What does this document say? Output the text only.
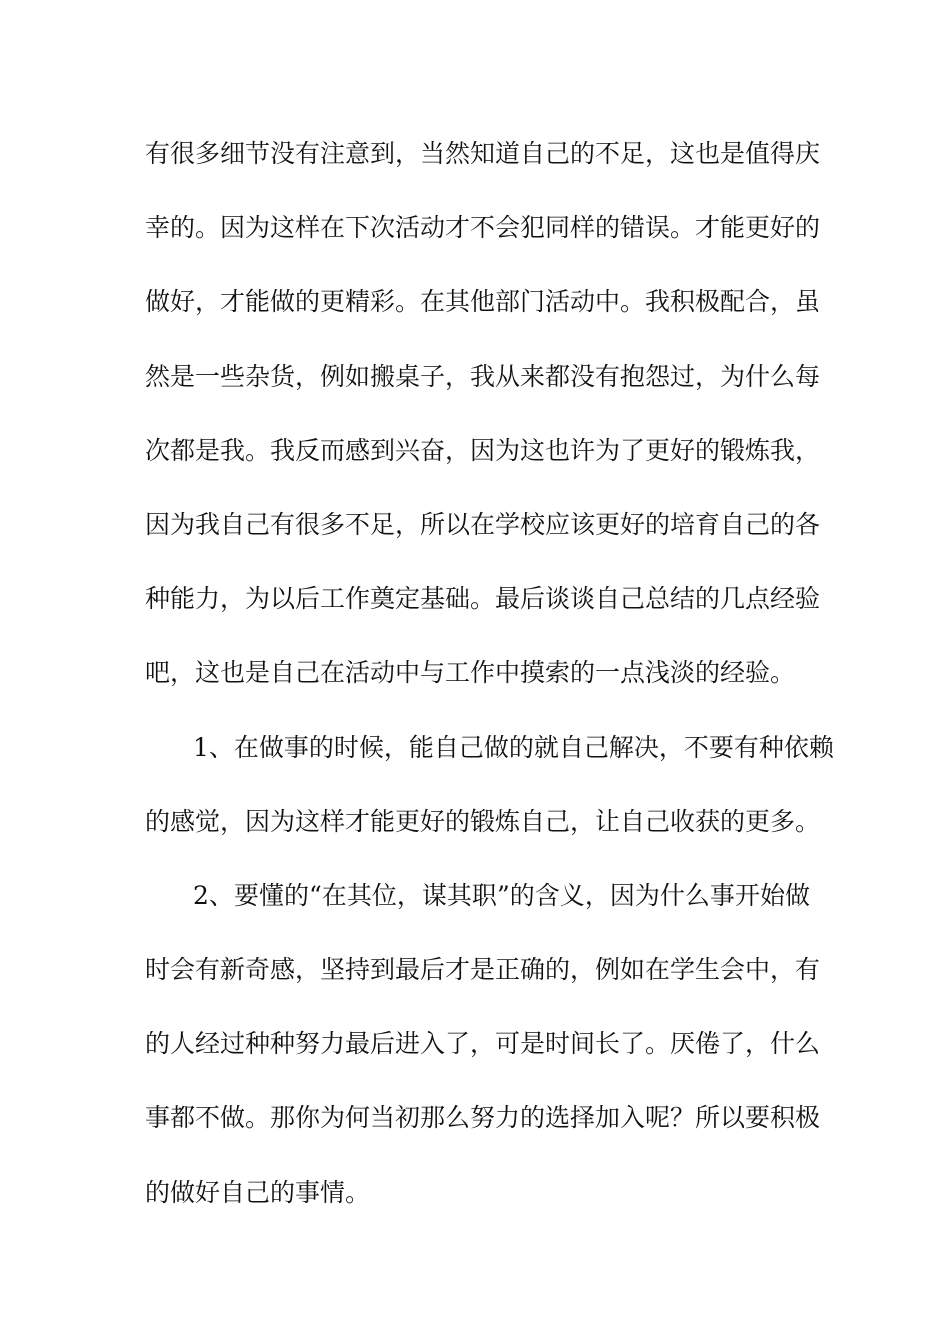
有很多细节没有注意到，当然知道自己的不足，这也是值得庆
幸的。因为这样在下次活动才不会犯同样的错误。才能更好的
做好，才能做的更精彩。在其他部门活动中。我积极配合，虽
然是一些杂货，例如搬桌子，我从来都没有抱怨过，为什么每
次都是我。我反而感到兴奋，因为这也许为了更好的锻炼我，
因为我自己有很多不足，所以在学校应该更好的培育自己的各
种能力，为以后工作奠定基础。最后谈谈自己总结的几点经验
吧，这也是自己在活动中与工作中摸索的一点浅淡的经验。
1、在做事的时候，能自己做的就自己解决，不要有种依赖
的感觉，因为这样才能更好的锻炼自己，让自己收获的更多。
2、要懂的“在其位，谋其职”的含义，因为什么事开始做
时会有新奇感，坚持到最后才是正确的，例如在学生会中，有
的人经过种种努力最后进入了，可是时间长了。厌倦了，什么
事都不做。那你为何当初那么努力的选择加入呢？所以要积极
的做好自己的事情。
